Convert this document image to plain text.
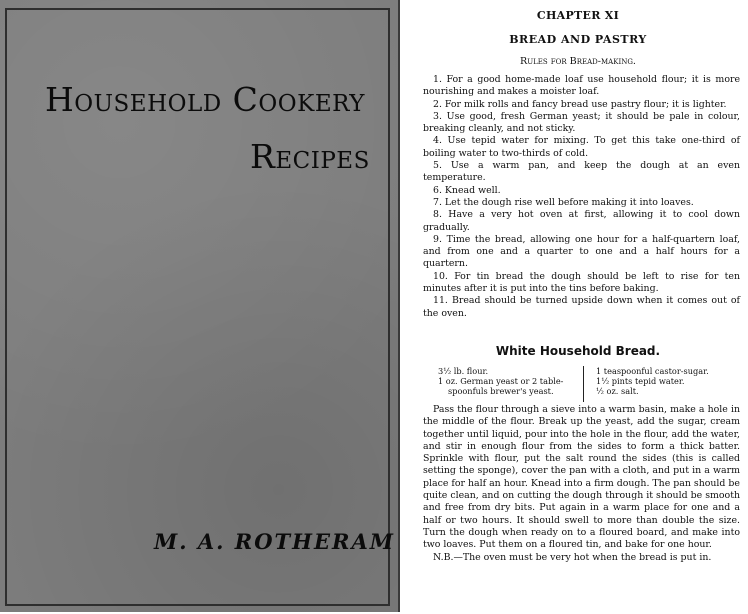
Household Cookery
Recipes
M. A. ROTHERAM
CHAPTER XI
BREAD AND PASTRY
Rules for Bread-making.

1. For a good home-made loaf use household flour; it is more nourishing and makes a moister loaf.

2. For milk rolls and fancy bread use pastry flour; it is lighter.

3. Use good, fresh German yeast; it should be pale in colour, breaking cleanly, and not sticky.

4. Use tepid water for mixing. To get this take one-third of boiling water to two-thirds of cold.

5. Use a warm pan, and keep the dough at an even temperature.

6. Knead well.

7. Let the dough rise well before making it into loaves.

8. Have a very hot oven at first, allowing it to cool down gradually.

9. Time the bread, allowing one hour for a half-quartern loaf, and from one and a quarter to one and a half hours for a quartern.

10. For tin bread the dough should be left to rise for ten minutes after it is put into the tins before baking.

11. Bread should be turned upside down when it comes out of the oven.

White Household Bread.
3½ lb. flour.
1 oz. German yeast or 2 table-
spoonfuls brewer's yeast.
1 teaspoonful castor-sugar.
1½ pints tepid water.
½ oz. salt.

Pass the flour through a sieve into a warm basin, make a hole in the middle of the flour. Break up the yeast, add the sugar, cream together until liquid, pour into the hole in the flour, add the water, and stir in enough flour from the sides to form a thick batter. Sprinkle with flour, put the salt round the sides (this is called setting the sponge), cover the pan with a cloth, and put in a warm place for half an hour. Knead into a firm dough. The pan should be quite clean, and on cutting the dough through it should be smooth and free from dry bits. Put again in a warm place for one and a half or two hours. It should swell to more than double the size. Turn the dough when ready on to a floured board, and make into two loaves. Put them on a floured tin, and bake for one hour.

N.B.—The oven must be very hot when the bread is put in.
